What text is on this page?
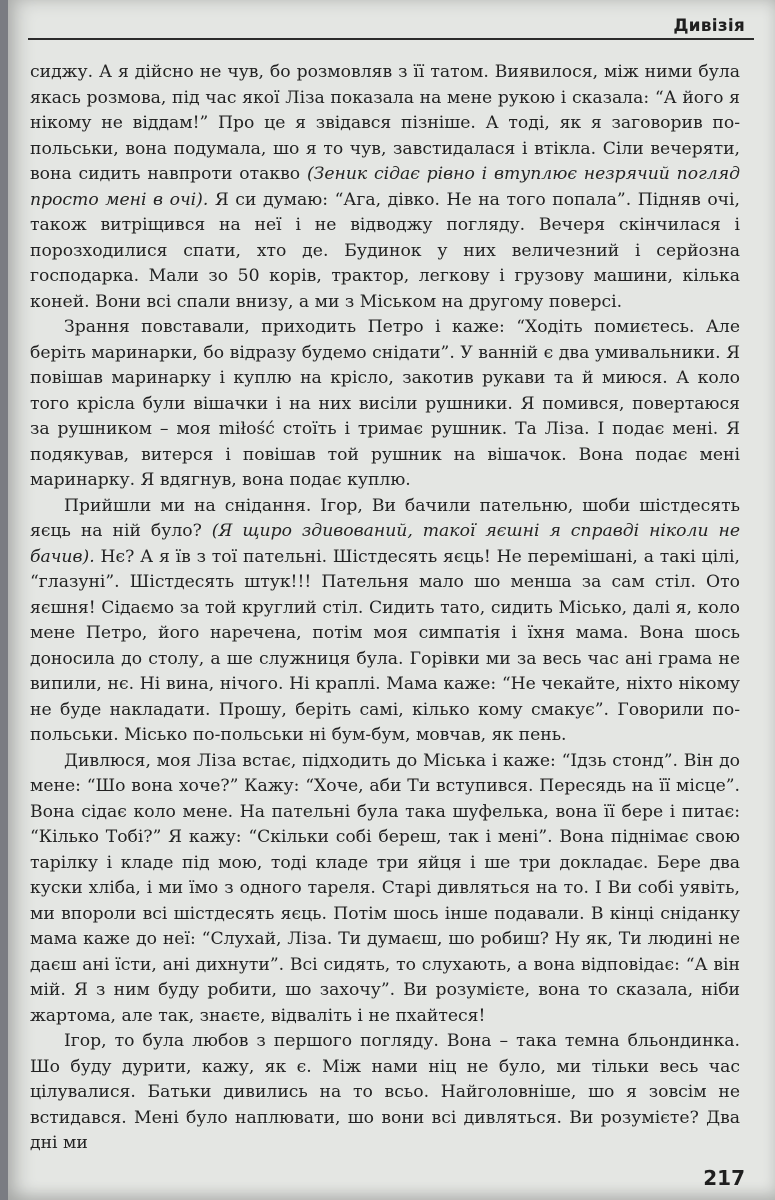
Дивізія

сиджу. А я дійсно не чув, бо розмовляв з її татом. Виявилося, між ними була якась розмова, під час якої Ліза показала на мене рукою і сказала: “А його я нікому не віддам!” Про це я звідався пізніше. А тоді, як я заговорив по-польськи, вона подумала, шо я то чув, завстидалася і втікла. Сіли вечеряти, вона сидить навпроти отакво (Зеник сідає рівно і втуплює незрячий погляд просто мені в очі). Я си думаю: “Ага, дівко. Не на того попала”. Підняв очі, також витріщився на неї і не відводжу погляду. Вечеря скінчилася і порозходилися спати, хто де. Будинок у них величезний і серйозна господарка. Мали зо 50 корів, трактор, легкову і грузову машини, кілька коней. Вони всі спали внизу, а ми з Міськом на другому поверсі.

Зрання повставали, приходить Петро і каже: “Ходіть помиєтесь. Але беріть маринарки, бо відразу будемо снідати”. У ванній є два умивальники. Я повішав маринарку і куплю на крісло, закотив рукави та й миюся. А коло того крісла були вішачки і на них висіли рушники. Я помився, повертаюся за рушником – моя miłość стоїть і тримає рушник. Та Ліза. І подає мені. Я подякував, витерся і повішав той рушник на вішачок. Вона подає мені маринарку. Я вдягнув, вона подає куплю.

Прийшли ми на снідання. Ігор, Ви бачили пательню, шоби шістдесять яєць на ній було? (Я щиро здивований, такої яєшні я справді ніколи не бачив). Нє? А я їв з тої пательні. Шістдесять яєць! Не перемішані, а такі цілі, “глазуні”. Шістдесять штук!!! Пательня мало шо менша за сам стіл. Ото яєшня! Сідаємо за той круглий стіл. Сидить тато, сидить Місько, далі я, коло мене Петро, його наречена, потім моя симпатія і їхня мама. Вона шось доносила до столу, а ше служниця була. Горівки ми за весь час ані грама не випили, нє. Ні вина, нічого. Ні краплі. Мама каже: “Не чекайте, ніхто нікому не буде накладати. Прошу, беріть самі, кілько кому смакує”. Говорили по-польськи. Місько по-польськи ні бум-бум, мовчав, як пень.

Дивлюся, моя Ліза встає, підходить до Міська і каже: “Ідзь стонд”. Він до мене: “Шо вона хоче?” Кажу: “Хоче, аби Ти вступився. Пересядь на її місце”. Вона сідає коло мене. На пательні була така шуфелька, вона її бере і питає: “Кілько Тобі?” Я кажу: “Скільки собі береш, так і мені”. Вона піднімає свою тарілку і кладе під мою, тоді кладе три яйця і ше три докладає. Бере два куски хліба, і ми їмо з одного тареля. Старі дивляться на то. І Ви собі уявіть, ми впороли всі шістдесять яєць. Потім шось інше подавали. В кінці сніданку мама каже до неї: “Слухай, Ліза. Ти думаєш, шо робиш? Ну як, Ти людині не даєш ані їсти, ані дихнути”. Всі сидять, то слухають, а вона відповідає: “А він мій. Я з ним буду робити, шо захочу”. Ви розумієте, вона то сказала, ніби жартома, але так, знаєте, відваліть і не пхайтеся!

Ігор, то була любов з першого погляду. Вона – така темна бльондинка. Шо буду дурити, кажу, як є. Між нами ніц не було, ми тільки весь час цілувалися. Батьки дивились на то всьо. Найголовніше, шо я зовсім не встидався. Мені було наплювати, шо вони всі дивляться. Ви розумієте? Два дні ми

217
